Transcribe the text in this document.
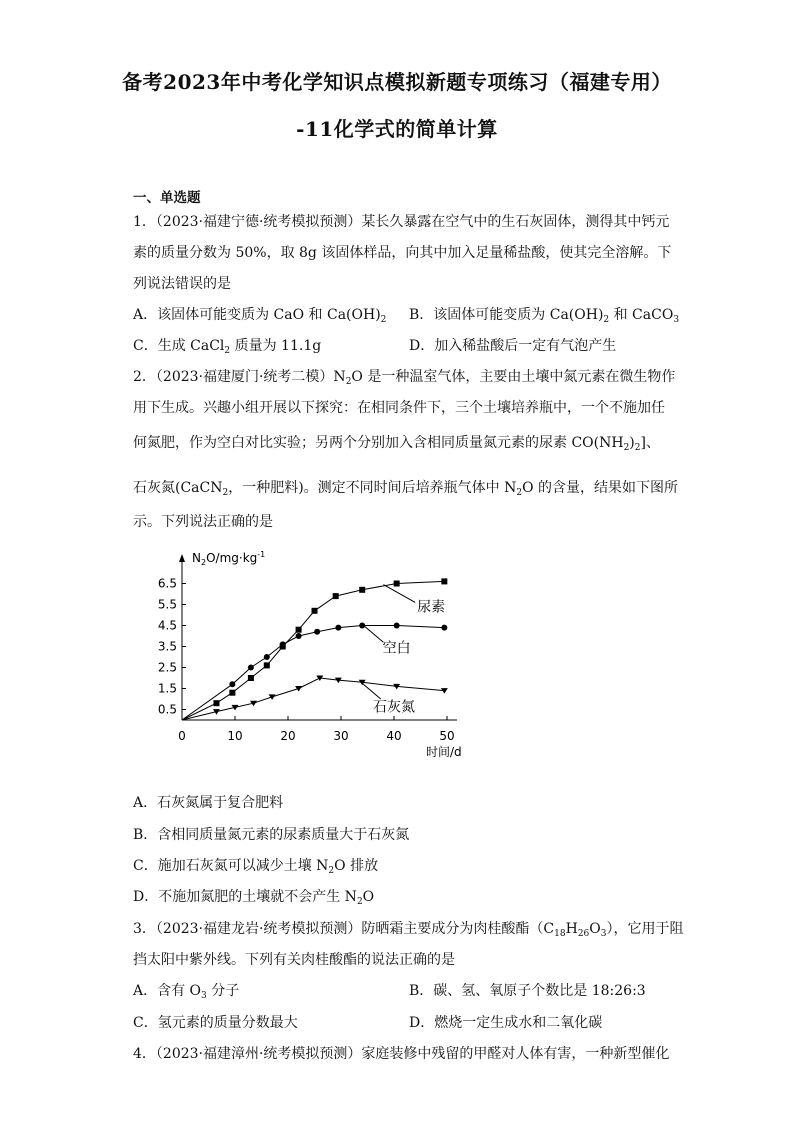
备考2023年中考化学知识点模拟新题专项练习（福建专用）
-11化学式的简单计算
一、单选题
1．（2023·福建宁德·统考模拟预测）某长久暴露在空气中的生石灰固体，测得其中钙元
素的质量分数为 50%，取 8g 该固体样品，向其中加入足量稀盐酸，使其完全溶解。下
列说法错误的是
A．该固体可能变质为 CaO 和 $Ca(OH)_2$ B．该固体可能变质为 $Ca(OH)_2$ 和 CaCO$_3$
C．生成 CaCl$_2$ 质量为 11.1g	D．加入稀盐酸后一定有气泡产生
2．（2023·福建厦门·统考二模）$N_2O$ 是一种温室气体，主要由土壤中氮元素在微生物作
用下生成。兴趣小组开展以下探究：在相同条件下，三个土壤培养瓶中，一个不施加任
何氮肥，作为空白对比实验；另两个分别加入含相同质量氮元素的尿素 $CO(NH_2)_2$]、
石灰氮(CaCN$_2$，一种肥料)。测定不同时间后培养瓶气体中 $N_2O$ 的含量，结果如下图所
示。下列说法正确的是
0	10	20	30	40	50
0.5
1.5
2.5
3.5
4.5
5.5
6.5
尿素
空白
石灰氮
N2O/mg·kg-1
时间/d
A．石灰氮属于复合肥料
B．含相同质量氮元素的尿素质量大于石灰氮
C．施加石灰氮可以减少土壤 $N_2O$ 排放
D．不施加氮肥的土壤就不会产生 $N_2O$
3．（2023·福建龙岩·统考模拟预测）防晒霜主要成分为肉桂酸酯$(C_{18}H_{26}O_3)$，它用于阻
挡太阳中紫外线。下列有关肉桂酸酯的说法正确的是
A．含有 $O_3$ 分子	B．碳、氢、氧原子个数比是 18:26:3
C．氢元素的质量分数最大	D．燃烧一定生成水和二氧化碳
4．（2023·福建漳州·统考模拟预测）家庭装修中残留的甲醛对人体有害，一种新型催化
